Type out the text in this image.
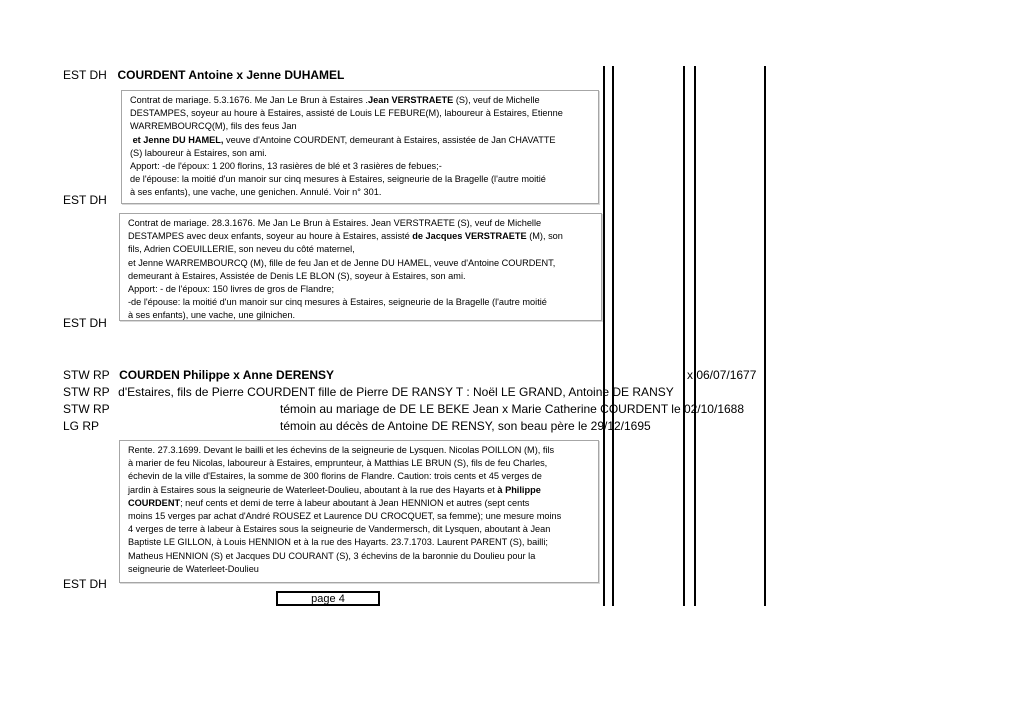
EST DH COURDENT Antoine x Jenne DUHAMEL

Contrat de mariage. 5.3.1676. Me Jan Le Brun à Estaires .Jean VERSTRAETE (S), veuf de Michelle

DESTAMPES, soyeur au houre à Estaires, assisté de Louis LE FEBURE(M), laboureur à Estaires, Etienne

WARREMBOURCQ(M), fils des feus Jan

et Jenne DU HAMEL, veuve d'Antoine COURDENT, demeurant à Estaires, assistée de Jan CHAVATTE

(S) laboureur à Estaires, son ami.

Apport: -de l'époux: 1 200 florins, 13 rasières de blé et 3 rasières de febues;-

de l'épouse: la moitié d'un manoir sur cinq mesures à Estaires, seigneurie de la Bragelle (l'autre moitié

à ses enfants), une vache, une genichen. Annulé. Voir n° 301.

EST DH

Contrat de mariage. 28.3.1676. Me Jan Le Brun à Estaires. Jean VERSTRAETE (S), veuf de Michelle

DESTAMPES avec deux enfants, soyeur au houre à Estaires, assisté de Jacques VERSTRAETE (M), son

fils, Adrien COEUILLERIE, son neveu du côté maternel,

et Jenne WARREMBOURCQ (M), fille de feu Jan et de Jenne DU HAMEL, veuve d'Antoine COURDENT,

demeurant à Estaires, Assistée de Denis LE BLON (S), soyeur à Estaires, son ami.

Apport: - de l'époux: 150 livres de gros de Flandre;

-de l'épouse: la moitié d'un manoir sur cinq mesures à Estaires, seigneurie de la Bragelle (l'autre moitié

à ses enfants), une vache, une gilnichen.

EST DH
STW RP COURDEN Philippe x Anne DERENSY	x 06/07/1677
STW RP d'Estaires, fils de Pierre COURDENT fille de Pierre DE RANSY T : Noël LE GRAND, Antoine DE RANSY
STW RP	témoin au mariage de DE LE BEKE Jean x Marie Catherine COURDENT le 02/10/1688
LG RP	témoin au décès de Antoine DE RENSY, son beau père le 29/12/1695

Rente. 27.3.1699. Devant le bailli et les échevins de la seigneurie de Lysquen. Nicolas POILLON (M), fils

à marier de feu Nicolas, laboureur à Estaires, emprunteur, à Matthias LE BRUN (S), fils de feu Charles,

échevin de la ville d'Estaires, la somme de 300 florins de Flandre. Caution: trois cents et 45 verges de

jardin à Estaires sous la seigneurie de Waterleet-Doulieu, aboutant à la rue des Hayarts et à Philippe

COURDENT; neuf cents et demi de terre à labeur aboutant à Jean HENNION et autres (sept cents

moins 15 verges par achat d'André ROUSEZ et Laurence DU CROCQUET, sa femme); une mesure moins

4 verges de terre à labeur à Estaires sous la seigneurie de Vandermersch, dit Lysquen, aboutant à Jean

Baptiste LE GILLON, à Louis HENNION et à la rue des Hayarts. 23.7.1703. Laurent PARENT (S), bailli;

Matheus HENNION (S) et Jacques DU COURANT (S), 3 échevins de la baronnie du Doulieu pour la

seigneurie de Waterleet-Doulieu

EST DH
page 4
